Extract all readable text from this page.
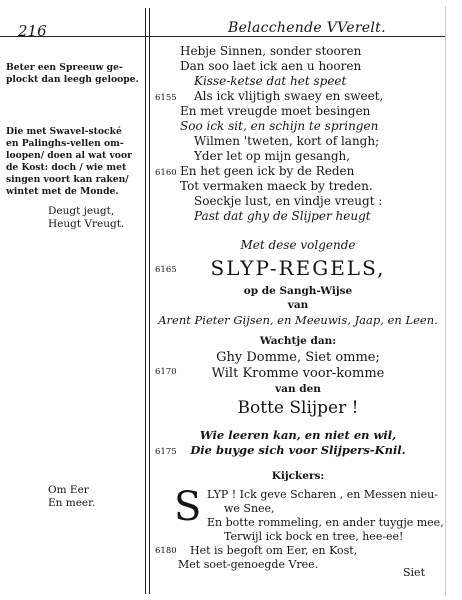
216	Belacchende VVerelt.
Beter een Spreeuw ge-
plockt dan leegh geloope.
Die met Swavel-stocké
en Palinghs-vellen om-
loopen/ doen al wat voor
de Kost: doch / wie met
singen voort kan raken/
wintet met de Monde.
Deugt jeugt,
Heugt Vreugt.
Om Eer
En meer.
Hebje Sinnen, sonder stooren
Dan soo laet ick aen u hooren
Kisse-ketse dat het speet
6155 Als ick vlijtigh swaey en sweet,
En met vreugde moet besingen
Soo ick sit, en schijn te springen
Wilmen 'tweten, kort of langh;
Yder let op mijn gesangh,
6160 En het geen ick by de Reden
Tot vermaken maeck by treden.
Soeckje lust, en vindje vreugt :
Past dat ghy de Slijper heugt
Met dese volgende
6165	SLYP-REGELS,
op de Sangh-Wijse
van
Arent Pieter Gijsen, en Meeuwis, Jaap, en Leen.
Wachtje dan:
6170
Ghy Domme, Siet omme;
Wilt Kromme voor-komme
van den
Botte Slijper !
Wie leeren kan, en niet en wil,
6175	Die buyge sich voor Slijpers-Knil.
Kijckers:
S LYP ! Ick geve Scharen , en Messen nieu-
we Snee,
En botte rommeling, en ander tuygje mee,
Terwijl ick bock en tree, hee-ee!
6180 Het is begoft om Eer, en Kost,
Met soet-genoegde Vree.
Siet
